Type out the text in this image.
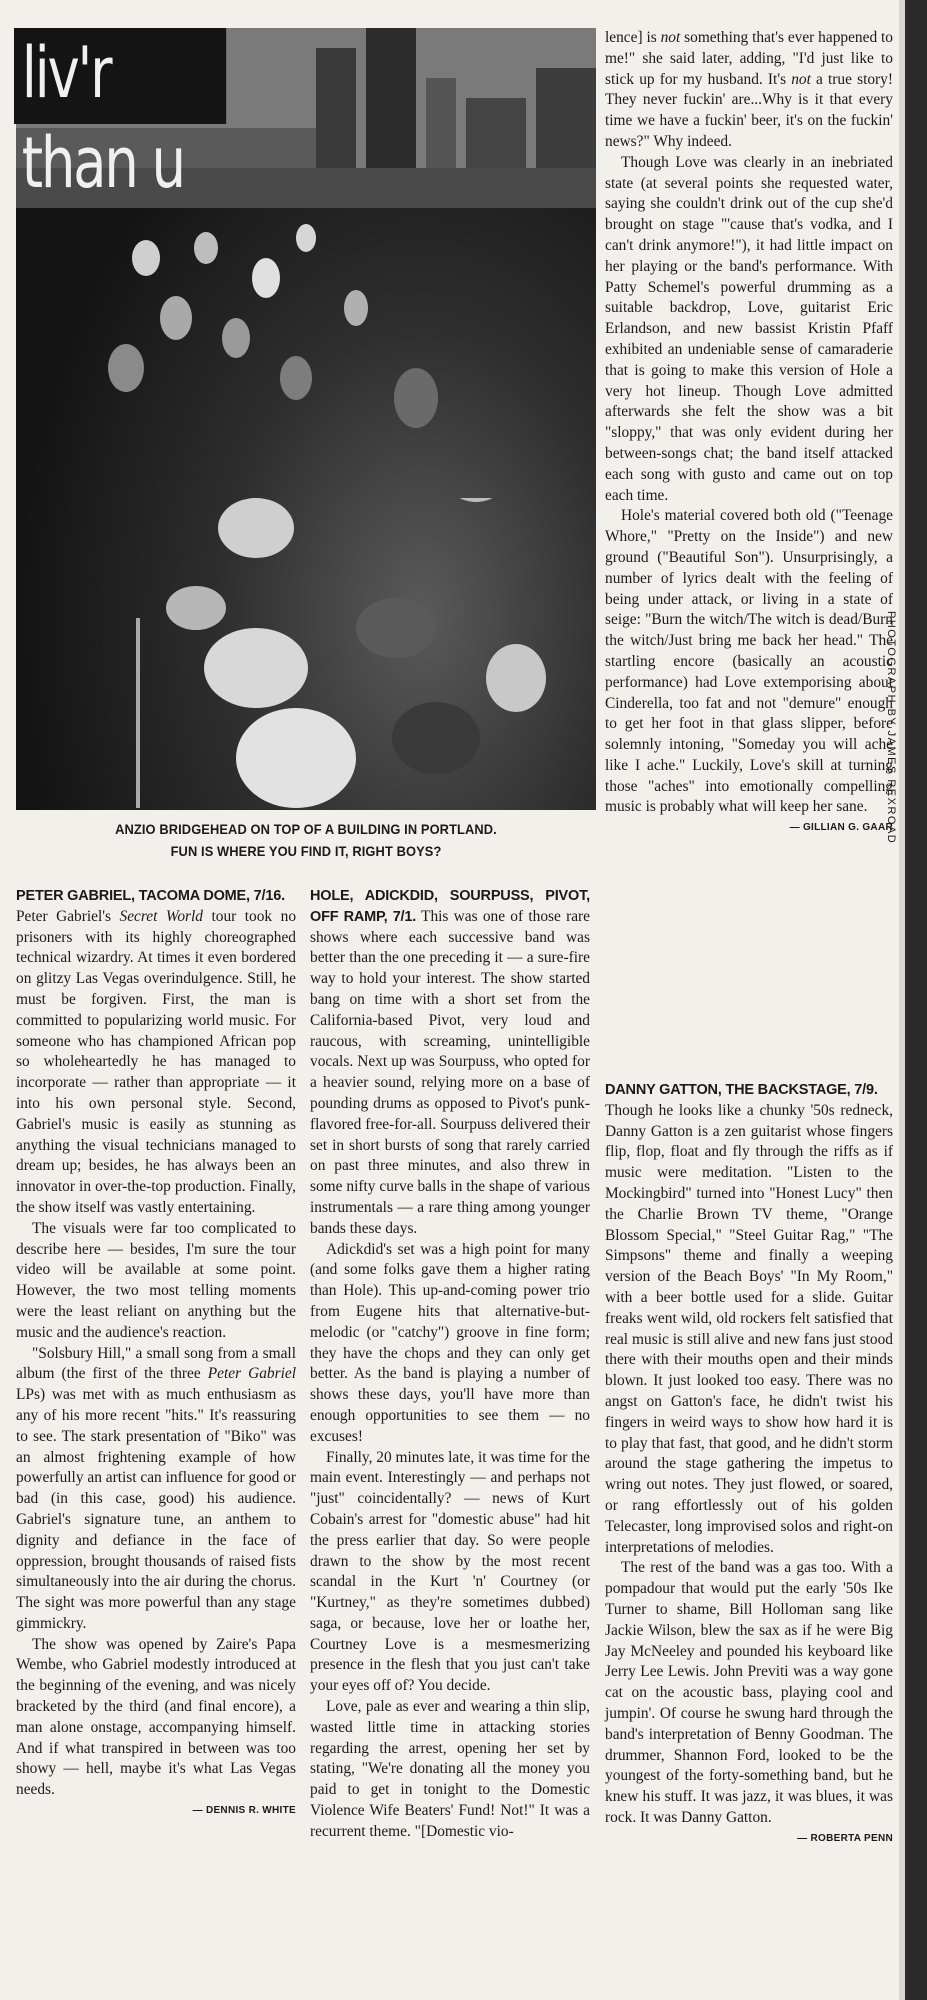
liv'r than u
ANZIO BRIDGEHEAD ON TOP OF A BUILDING IN PORTLAND.
FUN IS WHERE YOU FIND IT, RIGHT BOYS?
PHOTOGRAPH BY JAMES REXROAD

PETER GABRIEL, TACOMA DOME, 7/16.
Peter Gabriel's Secret World tour took no prisoners with its highly choreographed technical wizardry. At times it even bordered on glitzy Las Vegas overindulgence. Still, he must be forgiven. First, the man is committed to popularizing world music. For someone who has championed African pop so wholeheartedly he has managed to incorporate — rather than appropriate — it into his own personal style. Second, Gabriel's music is easily as stunning as anything the visual technicians managed to dream up; besides, he has always been an innovator in over-the-top production. Finally, the show itself was vastly entertaining.

The visuals were far too complicated to describe here — besides, I'm sure the tour video will be available at some point. However, the two most telling moments were the least reliant on anything but the music and the audience's reaction.

"Solsbury Hill," a small song from a small album (the first of the three Peter Gabriel LPs) was met with as much enthusiasm as any of his more recent "hits." It's reassuring to see. The stark presentation of "Biko" was an almost frightening example of how powerfully an artist can influence for good or bad (in this case, good) his audience. Gabriel's signature tune, an anthem to dignity and defiance in the face of oppression, brought thousands of raised fists simultaneously into the air during the chorus. The sight was more powerful than any stage gimmickry.

The show was opened by Zaire's Papa Wembe, who Gabriel modestly introduced at the beginning of the evening, and was nicely bracketed by the third (and final encore), a man alone onstage, accompanying himself. And if what transpired in between was too showy — hell, maybe it's what Las Vegas needs.

— DENNIS R. WHITE

HOLE, ADICKDID, SOURPUSS, PIVOT, OFF RAMP, 7/1. This was one of those rare shows where each successive band was better than the one preceding it — a sure-fire way to hold your interest. The show started bang on time with a short set from the California-based Pivot, very loud and raucous, with screaming, unintelligible vocals. Next up was Sourpuss, who opted for a heavier sound, relying more on a base of pounding drums as opposed to Pivot's punk-flavored free-for-all. Sourpuss delivered their set in short bursts of song that rarely carried on past three minutes, and also threw in some nifty curve balls in the shape of various instrumentals — a rare thing among younger bands these days.

Adickdid's set was a high point for many (and some folks gave them a higher rating than Hole). This up-and-coming power trio from Eugene hits that alternative-but-melodic (or "catchy") groove in fine form; they have the chops and they can only get better. As the band is playing a number of shows these days, you'll have more than enough opportunities to see them — no excuses!

Finally, 20 minutes late, it was time for the main event. Interestingly — and perhaps not "just" coincidentally? — news of Kurt Cobain's arrest for "domestic abuse" had hit the press earlier that day. So were people drawn to the show by the most recent scandal in the Kurt 'n' Courtney (or "Kurtney," as they're sometimes dubbed) saga, or because, love her or loathe her, Courtney Love is a mesmesmerizing presence in the flesh that you just can't take your eyes off of? You decide.

Love, pale as ever and wearing a thin slip, wasted little time in attacking stories regarding the arrest, opening her set by stating, "We're donating all the money you paid to get in tonight to the Domestic Violence Wife Beaters' Fund! Not!" It was a recurrent theme. "[Domestic vio-

lence] is not something that's ever happened to me!" she said later, adding, "I'd just like to stick up for my husband. It's not a true story! They never fuckin' are...Why is it that every time we have a fuckin' beer, it's on the fuckin' news?" Why indeed.

Though Love was clearly in an inebriated state (at several points she requested water, saying she couldn't drink out of the cup she'd brought on stage "'cause that's vodka, and I can't drink anymore!"), it had little impact on her playing or the band's performance. With Patty Schemel's powerful drumming as a suitable backdrop, Love, guitarist Eric Erlandson, and new bassist Kristin Pfaff exhibited an undeniable sense of camaraderie that is going to make this version of Hole a very hot lineup. Though Love admitted afterwards she felt the show was a bit "sloppy," that was only evident during her between-songs chat; the band itself attacked each song with gusto and came out on top each time.

Hole's material covered both old ("Teenage Whore," "Pretty on the Inside") and new ground ("Beautiful Son"). Unsurprisingly, a number of lyrics dealt with the feeling of being under attack, or living in a state of seige: "Burn the witch/The witch is dead/Burn the witch/Just bring me back her head." The startling encore (basically an acoustic performance) had Love extemporising about Cinderella, too fat and not "demure" enough to get her foot in that glass slipper, before solemnly intoning, "Someday you will ache like I ache." Luckily, Love's skill at turning those "aches" into emotionally compelling music is probably what will keep her sane.

— GILLIAN G. GAAR

DANNY GATTON, THE BACKSTAGE, 7/9.
Though he looks like a chunky '50s redneck, Danny Gatton is a zen guitarist whose fingers flip, flop, float and fly through the riffs as if music were meditation. "Listen to the Mockingbird" turned into "Honest Lucy" then the Charlie Brown TV theme, "Orange Blossom Special," "Steel Guitar Rag," "The Simpsons" theme and finally a weeping version of the Beach Boys' "In My Room," with a beer bottle used for a slide. Guitar freaks went wild, old rockers felt satisfied that real music is still alive and new fans just stood there with their mouths open and their minds blown. It just looked too easy. There was no angst on Gatton's face, he didn't twist his fingers in weird ways to show how hard it is to play that fast, that good, and he didn't storm around the stage gathering the impetus to wring out notes. They just flowed, or soared, or rang effortlessly out of his golden Telecaster, long improvised solos and right-on interpretations of melodies.

The rest of the band was a gas too. With a pompadour that would put the early '50s Ike Turner to shame, Bill Holloman sang like Jackie Wilson, blew the sax as if he were Big Jay McNeeley and pounded his keyboard like Jerry Lee Lewis. John Previti was a way gone cat on the acoustic bass, playing cool and jumpin'. Of course he swung hard through the band's interpretation of Benny Goodman. The drummer, Shannon Ford, looked to be the youngest of the forty-something band, but he knew his stuff. It was jazz, it was blues, it was rock. It was Danny Gatton.

— ROBERTA PENN
